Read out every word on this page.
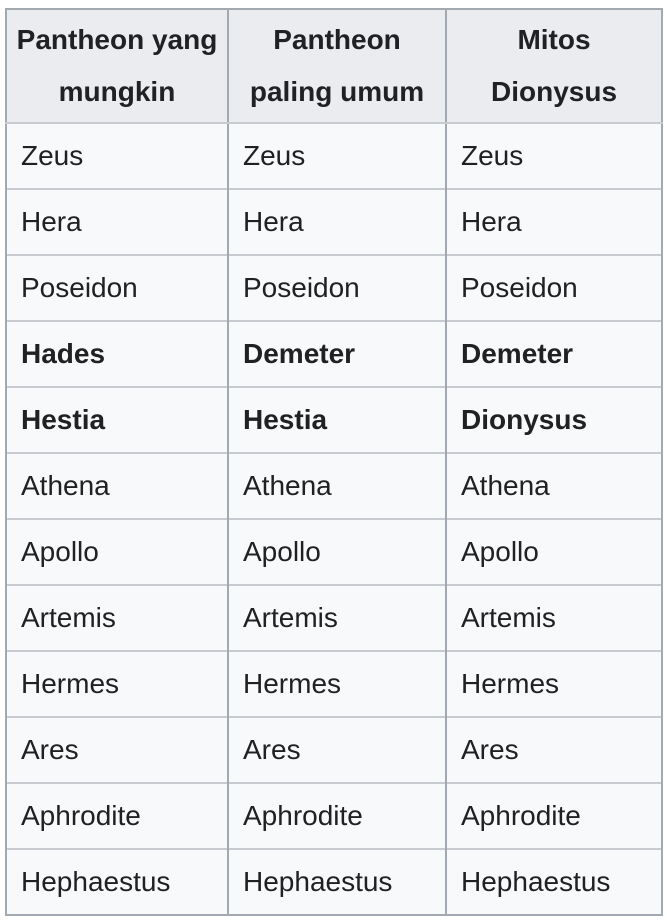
Pantheon yang mungkin	Pantheon paling umum	Mitos Dionysus
Zeus	Zeus	Zeus
Hera	Hera	Hera
Poseidon	Poseidon	Poseidon
Hades	Demeter	Demeter
Hestia	Hestia	Dionysus
Athena	Athena	Athena
Apollo	Apollo	Apollo
Artemis	Artemis	Artemis
Hermes	Hermes	Hermes
Ares	Ares	Ares
Aphrodite	Aphrodite	Aphrodite
Hephaestus	Hephaestus	Hephaestus
